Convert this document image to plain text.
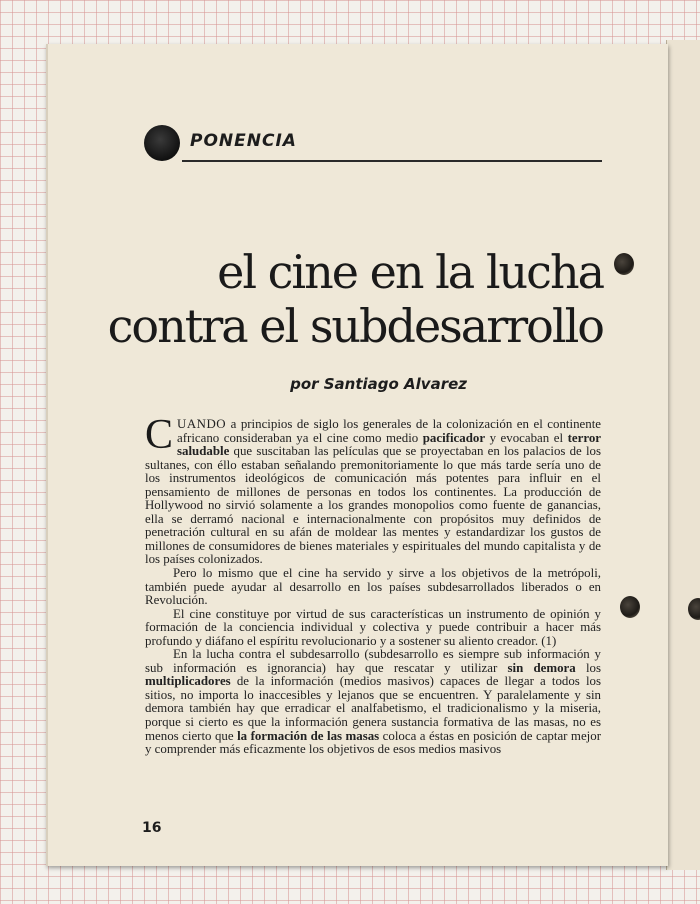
PONENCIA
el cine en la lucha
contra el subdesarrollo
por Santiago Alvarez

CUANDO a principios de siglo los generales de la colonización en el continente africano consideraban ya el cine como medio pacificador y evocaban el terror saludable que suscitaban las películas que se proyectaban en los palacios de los sultanes, con éllo estaban señalando premonitoriamente lo que más tarde sería uno de los instrumentos ideológicos de comunicación más potentes para influir en el pensamiento de millones de personas en todos los continentes. La producción de Hollywood no sirvió solamente a los grandes monopolios como fuente de ganancias, ella se derramó nacional e internacionalmente con propósitos muy definidos de penetración cultural en su afán de moldear las mentes y estandardizar los gustos de millones de consumidores de bienes materiales y espirituales del mundo capitalista y de los países colonizados.

Pero lo mismo que el cine ha servido y sirve a los objetivos de la metrópoli, también puede ayudar al desarrollo en los países subdesarrollados liberados o en Revolución.

El cine constituye por virtud de sus características un instrumento de opinión y formación de la conciencia individual y colectiva y puede contribuir a hacer más profundo y diáfano el espíritu revolucionario y a sostener su aliento creador. (1)

En la lucha contra el subdesarrollo (subdesarrollo es siempre sub información y sub información es ignorancia) hay que rescatar y utilizar sin demora los multiplicadores de la información (medios masivos) capaces de llegar a todos los sitios, no importa lo inaccesibles y lejanos que se encuentren. Y paralelamente y sin demora también hay que erradicar el analfabetismo, el tradicionalismo y la miseria, porque si cierto es que la información genera sustancia formativa de las masas, no es menos cierto que la formación de las masas coloca a éstas en posición de captar mejor y comprender más eficazmente los objetivos de esos medios masivos

16
